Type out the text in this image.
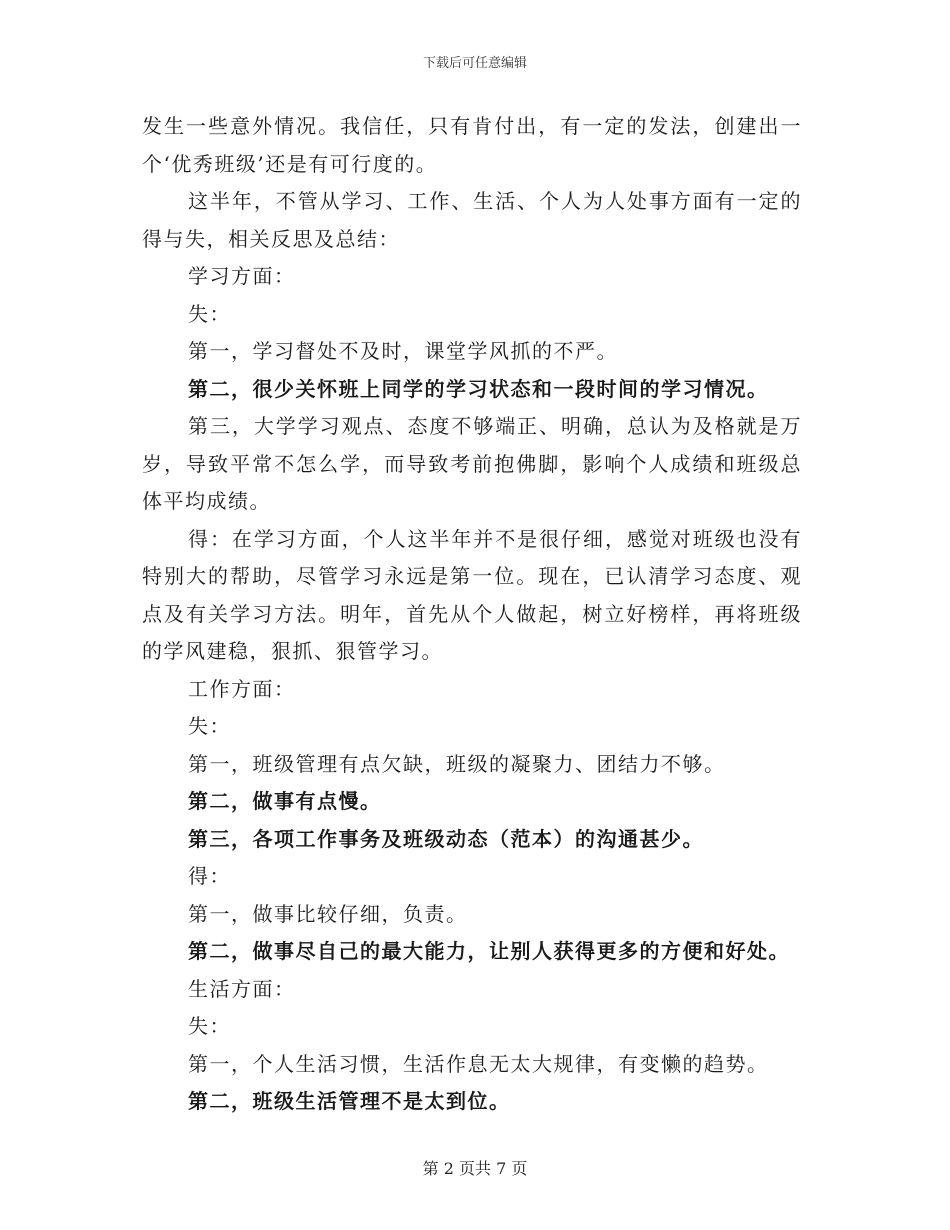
下载后可任意编辑

发生一些意外情况。我信任，只有肯付出，有一定的发法，创建出一个‘优秀班级’还是有可行度的。

这半年，不管从学习、工作、生活、个人为人处事方面有一定的得与失，相关反思及总结：

学习方面：

失：

第一，学习督处不及时，课堂学风抓的不严。

第二，很少关怀班上同学的学习状态和一段时间的学习情况。

第三，大学学习观点、态度不够端正、明确，总认为及格就是万岁，导致平常不怎么学，而导致考前抱佛脚，影响个人成绩和班级总体平均成绩。

得：在学习方面，个人这半年并不是很仔细，感觉对班级也没有特别大的帮助，尽管学习永远是第一位。现在，已认清学习态度、观点及有关学习方法。明年，首先从个人做起，树立好榜样，再将班级的学风建稳，狠抓、狠管学习。

工作方面：

失：

第一，班级管理有点欠缺，班级的凝聚力、团结力不够。

第二，做事有点慢。

第三，各项工作事务及班级动态（范本）的沟通甚少。

得：

第一，做事比较仔细，负责。

第二，做事尽自己的最大能力，让别人获得更多的方便和好处。

生活方面：

失：

第一，个人生活习惯，生活作息无太大规律，有变懒的趋势。

第二，班级生活管理不是太到位。

第 2 页共 7 页
